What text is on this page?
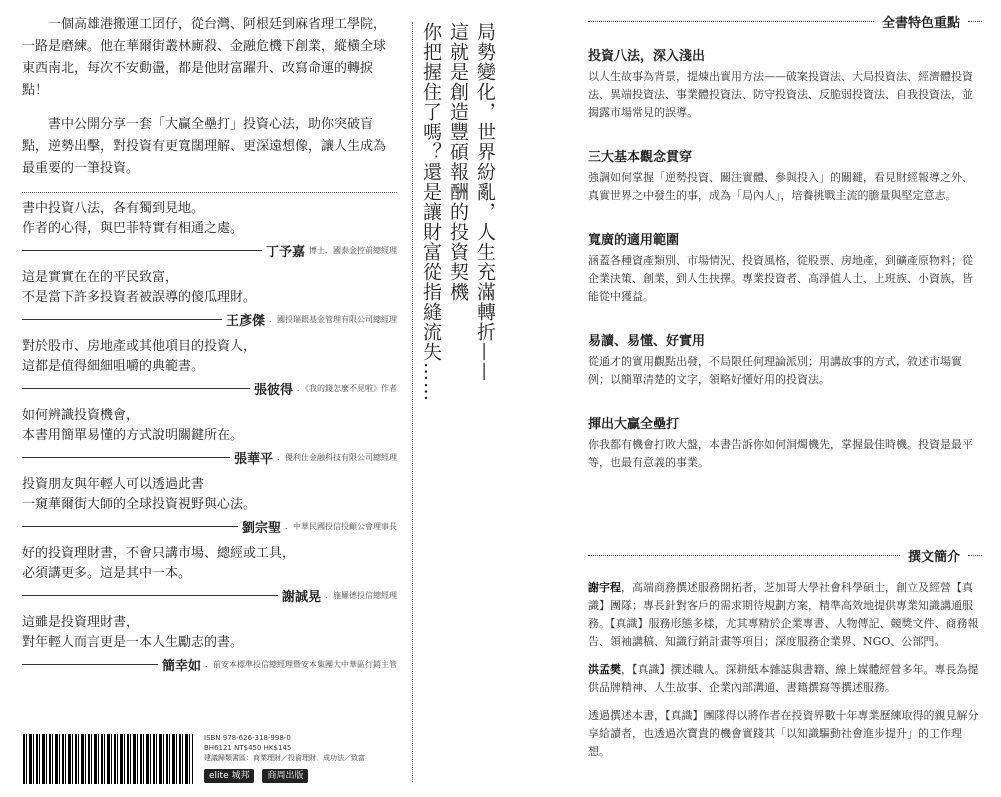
一個高雄港搬運工囝仔，從台灣、阿根廷到麻省理工學院，一路是磨練。他在華爾街叢林廝殺、金融危機下創業，縱橫全球東西南北，每次不安動盪，都是他財富躍升、改寫命運的轉捩點！

書中公開分享一套「大贏全壘打」投資心法，助你突破盲點，逆勢出擊，對投資有更寬闊理解、更深遠想像，讓人生成為最重要的一筆投資。

書中投資八法，各有獨到見地。
作者的心得，與巴菲特實有相通之處。
丁予嘉 博士．國泰金控前總經理
這是實實在在的平民致富，
不是當下許多投資者被誤導的傻瓜理財。
王彥傑 ．國投瑞銀基金管理有限公司總經理
對於股市、房地產或其他項目的投資人，
這都是值得細細咀嚼的典範書。
張彼得 ．《我的錢怎麼不見啦》作者
如何辨識投資機會，
本書用簡單易懂的方式說明關鍵所在。
張華平 ．優利仕金融科技有限公司總經理
投資朋友與年輕人可以透過此書
一窺華爾街大師的全球投資視野與心法。
劉宗聖 ．中華民國投信投顧公會理事長
好的投資理財書，不會只講市場、總經或工具，
必須講更多。這是其中一本。
謝誠晃 ．施羅德投信總經理
這雖是投資理財書，
對年輕人而言更是一本人生勵志的書。
簡幸如 ．前安本標準投信總經理暨安本集團大中華區行銷主管
ISBN 978-626-318-998-0
BH6121 NT$450 HK$145
建議歸類書區：商業理財／投資理財．成功法／致富
elite 城邦	商周出版
局勢變化，世界紛亂，人生充滿轉折——
這就是創造豐碩報酬的投資契機
你把握住了嗎？還是讓財富從指縫流失……	全書特色重點
投資八法，深入淺出

以人生故事為背景，提煉出實用方法——破案投資法、大局投資法、經濟體投資法、異端投資法、事業體投資法、防守投資法、反脆弱投資法、自我投資法，並揭露市場常見的誤導。

三大基本觀念貫穿

強調如何掌握「逆勢投資、關注實體、參與投入」的關鍵，看見財經報導之外、真實世界之中發生的事，成為「局內人」，培養挑戰主流的膽量與堅定意志。

寬廣的適用範圍

涵蓋各種資產類別、市場情況、投資風格，從股票、房地產，到礦產原物料；從企業決策、創業，到人生抉擇。專業投資者、高淨值人士、上班族、小資族，皆能從中獲益。

易讀、易懂、好實用

從通才的實用觀點出發，不局限任何理論派別；用講故事的方式，敘述市場實例；以簡單清楚的文字，領略好懂好用的投資法。

揮出大贏全壘打

你我都有機會打敗大盤，本書告訴你如何洞燭機先，掌握最佳時機。投資是最平等，也最有意義的事業。

撰文簡介

謝宇程，高端商務撰述服務開拓者，芝加哥大學社會科學碩士，創立及經營【真識】團隊；專長針對客戶的需求期待規劃方案，精準高效地提供專業知識講通服務。【真識】服務形態多樣，尤其專精於企業專書、人物傳記、競獎文件、商務報告、領袖講稿、知識行銷計畫等項目；深度服務企業界、NGO、公部門。

洪孟樊，【真識】撰述職人。深耕紙本雜誌與書籍、線上媒體經營多年。專長為提供品牌精神、人生故事、企業內部溝通、書籍撰寫等撰述服務。

透過撰述本書，【真識】團隊得以將作者在投資界數十年專業歷練取得的親見解分享給讀者，也透過次寶貴的機會實踐其「以知識驅動社會進步提升」的工作理想。
